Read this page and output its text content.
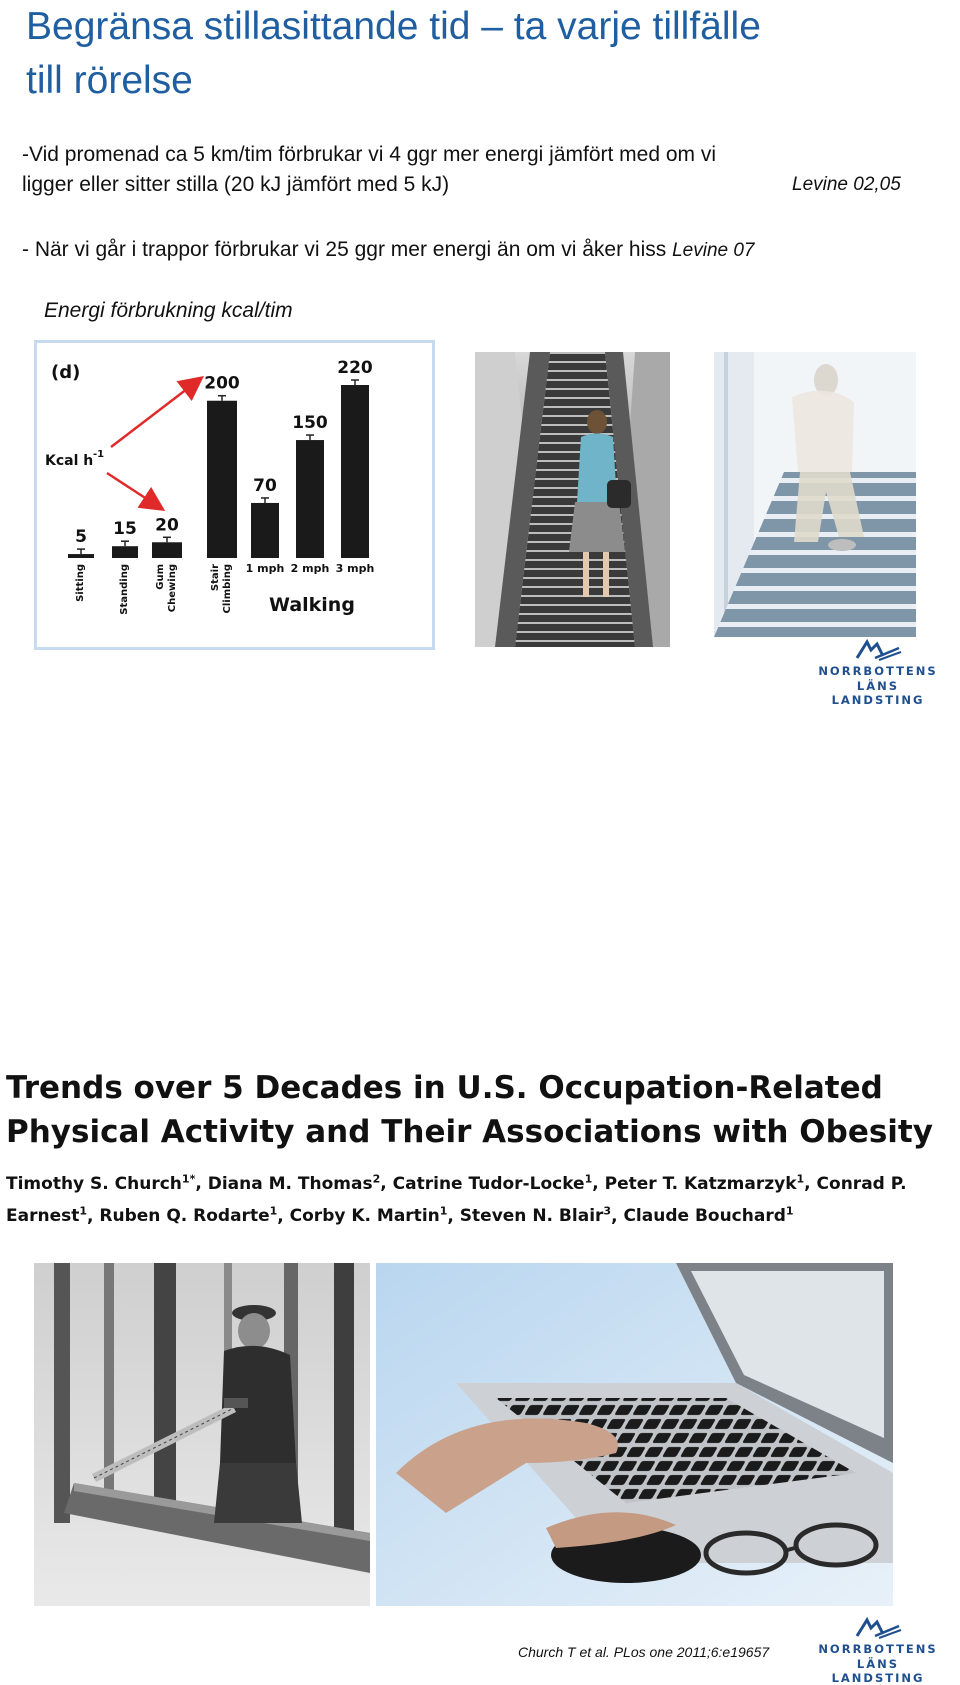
Begränsa stillasittande tid – ta varje tillfälle
till rörelse
-Vid promenad ca 5 km/tim förbrukar vi 4 ggr mer energi jämfört med om vi
ligger eller sitter stilla (20 kJ jämfört med 5 kJ)	Levine 02,05
- När vi går i trappor förbrukar vi 25 ggr mer energi än om vi åker hiss Levine 07
Energi förbrukning kcal/tim
(d)
Kcal h -1
5
Sitting
15
Standing
20
GumChewing
200
StairClimbing
70
1 mph
150
2 mph
220
3 mph
Walking
NORRBOTTENS
LÄNS LANDSTING
Trends over 5 Decades in U.S. Occupation-Related
Physical Activity and Their Associations with Obesity
Timothy S. Church$^{1*}$, Diana M. Thomas$^2$, Catrine Tudor-Locke$^1$, Peter T. Katzmarzyk$^1$, Conrad P. Earnest$^1$, Ruben Q. Rodarte$^1$, Corby K. Martin$^1$, Steven N. Blair$^3$, Claude Bouchard$^1$
Church T et al. PLos one 2011;6:e19657	NORRBOTTENS
LÄNS LANDSTING
